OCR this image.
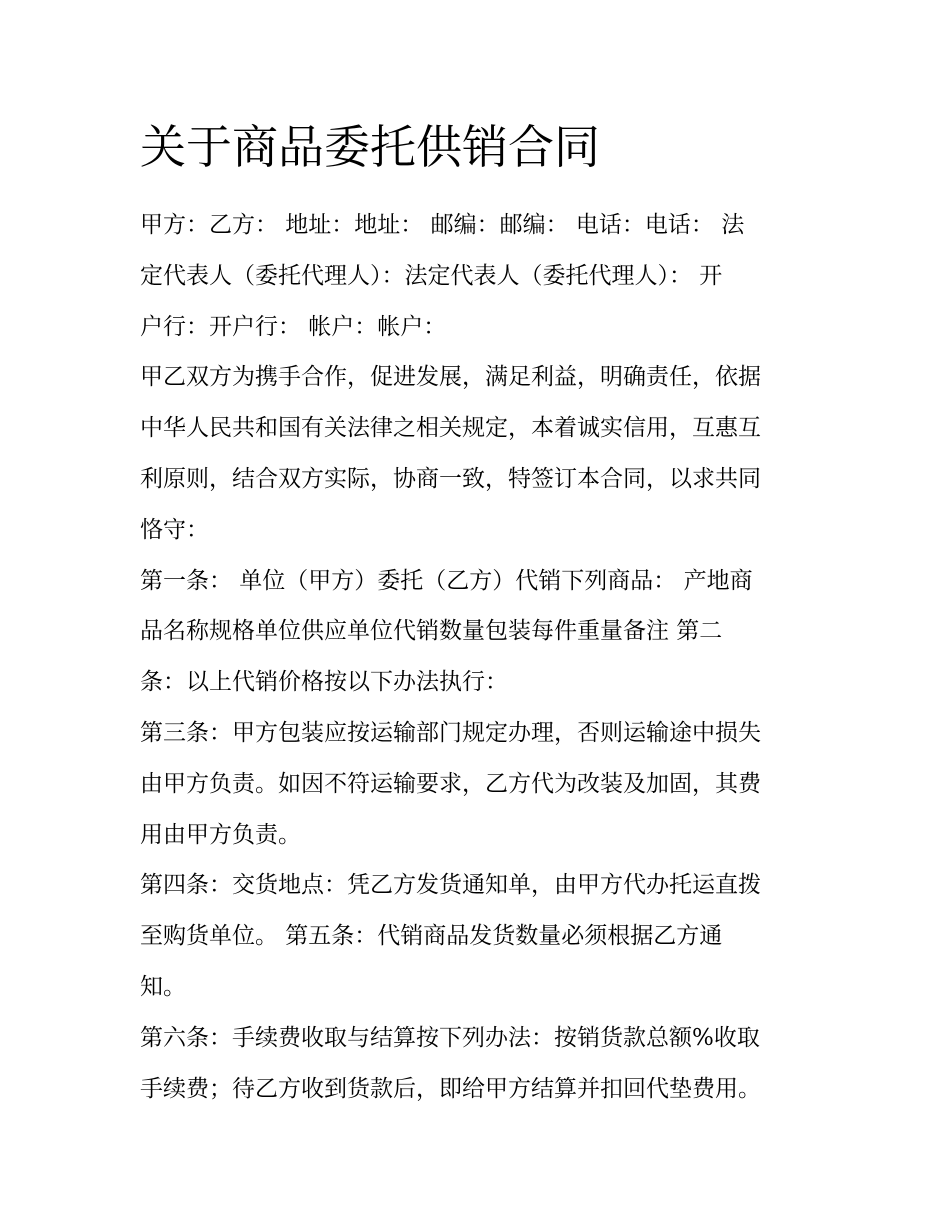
关于商品委托供销合同

甲方：乙方： 地址：地址： 邮编：邮编： 电话：电话： 法
定代表人（委托代理人）：法定代表人（委托代理人）： 开
户行：开户行： 帐户：帐户：

甲乙双方为携手合作，促进发展，满足利益，明确责任，依据
中华人民共和国有关法律之相关规定，本着诚实信用，互惠互
利原则，结合双方实际，协商一致，特签订本合同，以求共同
恪守：

第一条： 单位（甲方）委托（乙方）代销下列商品： 产地商
品名称规格单位供应单位代销数量包装每件重量备注 第二
条：以上代销价格按以下办法执行：

第三条：甲方包装应按运输部门规定办理，否则运输途中损失
由甲方负责。如因不符运输要求，乙方代为改装及加固，其费
用由甲方负责。

第四条：交货地点：凭乙方发货通知单，由甲方代办托运直拨
至购货单位。 第五条：代销商品发货数量必须根据乙方通
知。

第六条：手续费收取与结算按下列办法：按销货款总额%收取
手续费；待乙方收到货款后，即给甲方结算并扣回代垫费用。
